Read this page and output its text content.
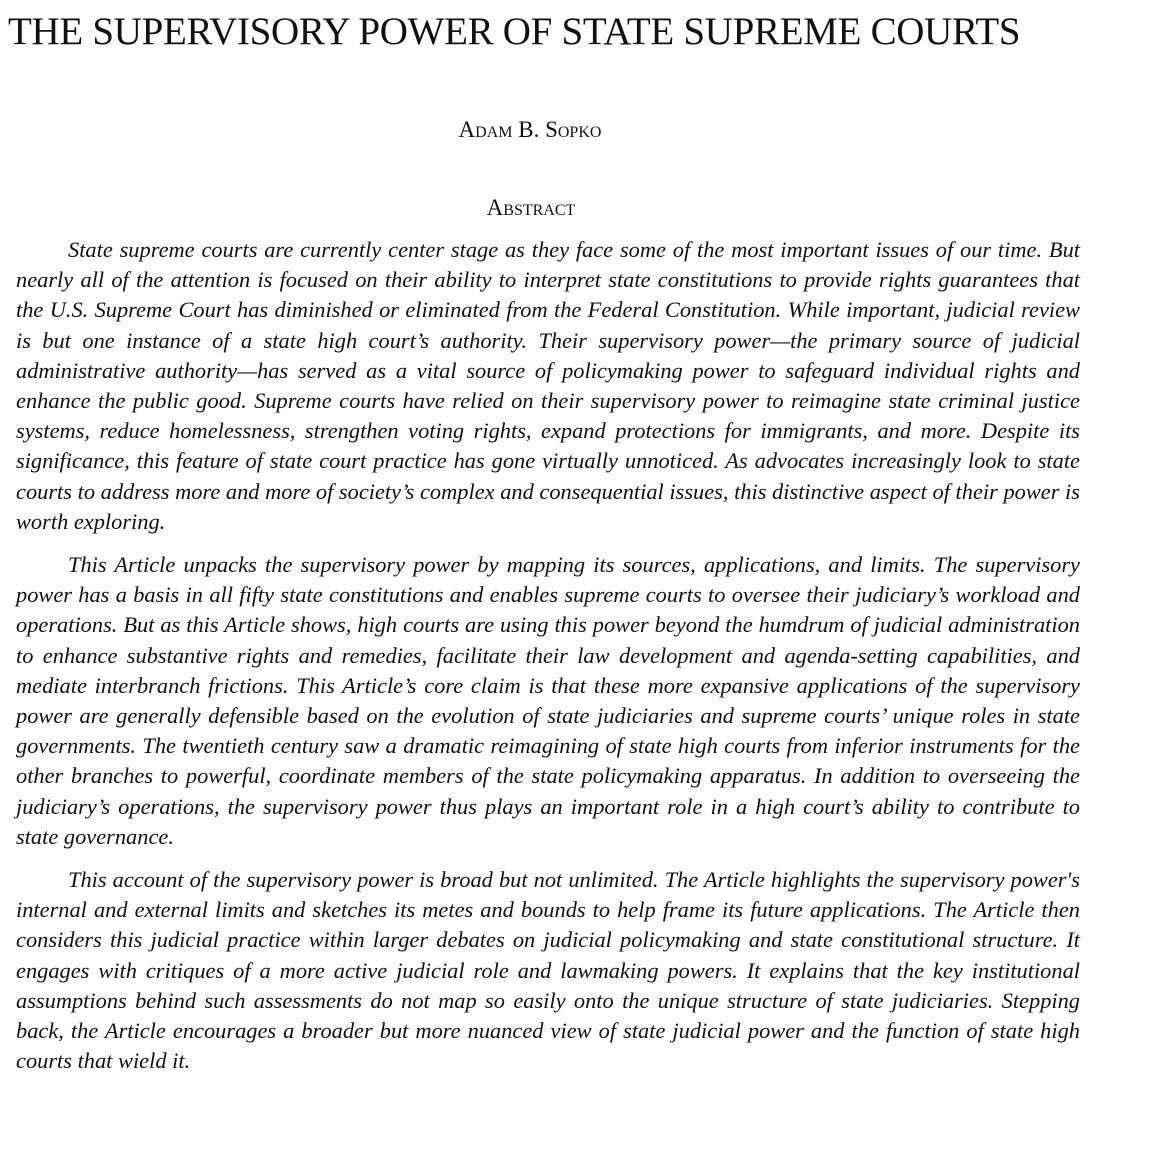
THE SUPERVISORY POWER OF STATE SUPREME COURTS
Adam B. Sopko
Abstract

State supreme courts are currently center stage as they face some of the most important issues of our time. But nearly all of the attention is focused on their ability to interpret state constitutions to provide rights guarantees that the U.S. Supreme Court has diminished or eliminated from the Federal Constitution. While important, judicial review is but one instance of a state high court’s authority. Their supervisory power—the primary source of judicial administrative authority—has served as a vital source of policymaking power to safeguard individual rights and enhance the public good. Supreme courts have relied on their supervisory power to reimagine state criminal justice systems, reduce homelessness, strengthen voting rights, expand protections for immigrants, and more. Despite its significance, this feature of state court practice has gone virtually unnoticed. As advocates increasingly look to state courts to address more and more of society’s complex and consequential issues, this distinctive aspect of their power is worth exploring.

This Article unpacks the supervisory power by mapping its sources, applications, and limits. The supervisory power has a basis in all fifty state constitutions and enables supreme courts to oversee their judiciary’s workload and operations. But as this Article shows, high courts are using this power beyond the humdrum of judicial administration to enhance substantive rights and remedies, facilitate their law development and agenda-setting capabilities, and mediate interbranch frictions. This Article’s core claim is that these more expansive applications of the supervisory power are generally defensible based on the evolution of state judiciaries and supreme courts’ unique roles in state governments. The twentieth century saw a dramatic reimagining of state high courts from inferior instruments for the other branches to powerful, coordinate members of the state policymaking apparatus. In addition to overseeing the judiciary’s operations, the supervisory power thus plays an important role in a high court’s ability to contribute to state governance.

This account of the supervisory power is broad but not unlimited. The Article highlights the supervisory power's internal and external limits and sketches its metes and bounds to help frame its future applications. The Article then considers this judicial practice within larger debates on judicial policymaking and state constitutional structure. It engages with critiques of a more active judicial role and lawmaking powers. It explains that the key institutional assumptions behind such assessments do not map so easily onto the unique structure of state judiciaries. Stepping back, the Article encourages a broader but more nuanced view of state judicial power and the function of state high courts that wield it.
